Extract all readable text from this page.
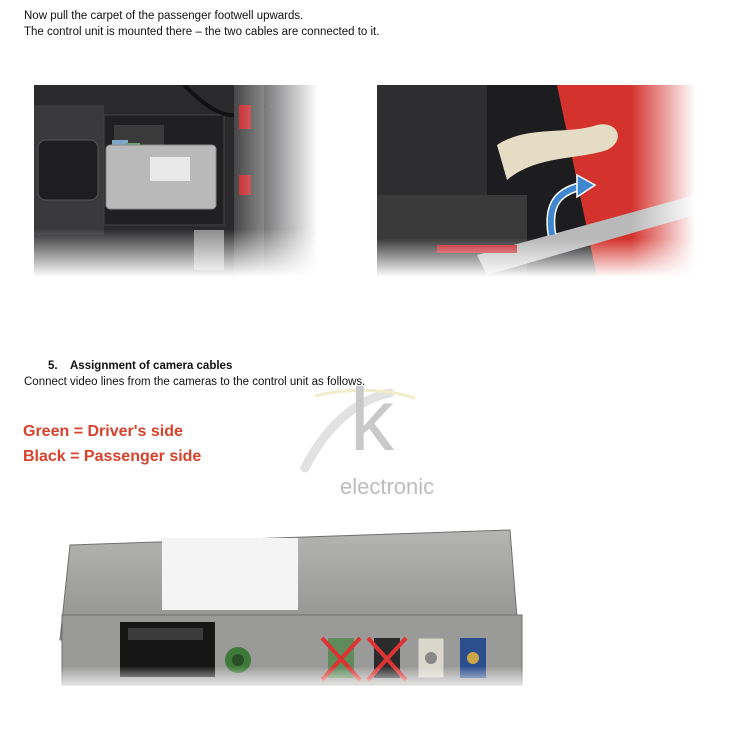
Now pull the carpet of the passenger footwell upwards.
The control unit is mounted there – the two cables are connected to it.
5. Assignment of camera cables
Connect video lines from the cameras to the control unit as follows.
Green = Driver's side
Black = Passenger side k
electronic
